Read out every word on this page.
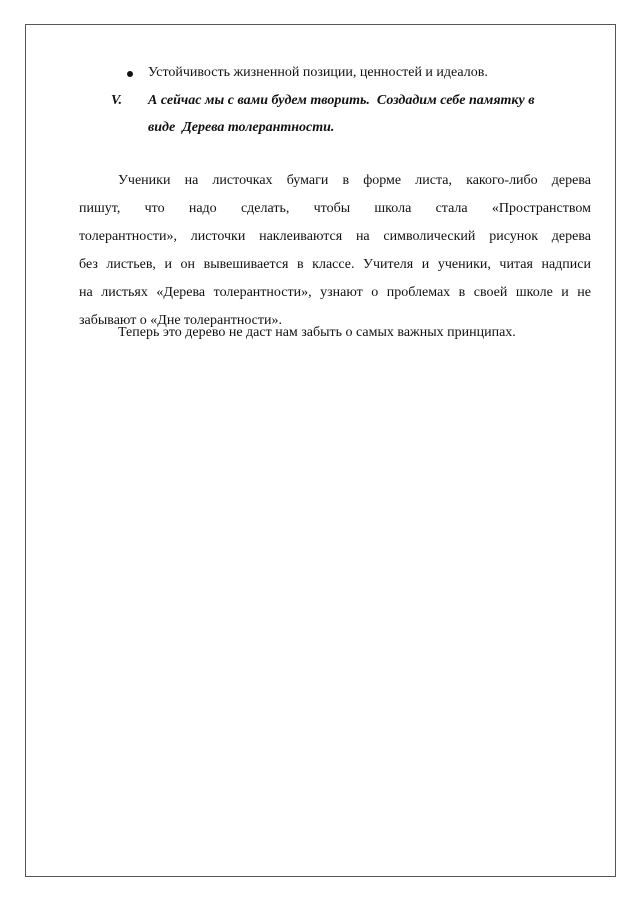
Устойчивость жизненной позиции, ценностей и идеалов.
V. А сейчас мы с вами будем творить.  Создадим себе памятку в
виде  Дерева толерантности.

Ученики на листочках бумаги в форме листа, какого-либо дерева
пишут, что надо сделать, чтобы школа стала «Пространством
толерантности», листочки наклеиваются на символический рисунок дерева
без листьев, и он вывешивается в классе. Учителя и ученики, читая надписи
на листьях «Дерева толерантности», узнают о проблемах в своей школе и не
забывают о «Дне толерантности».

Теперь это дерево не даст нам забыть о самых важных принципах.
